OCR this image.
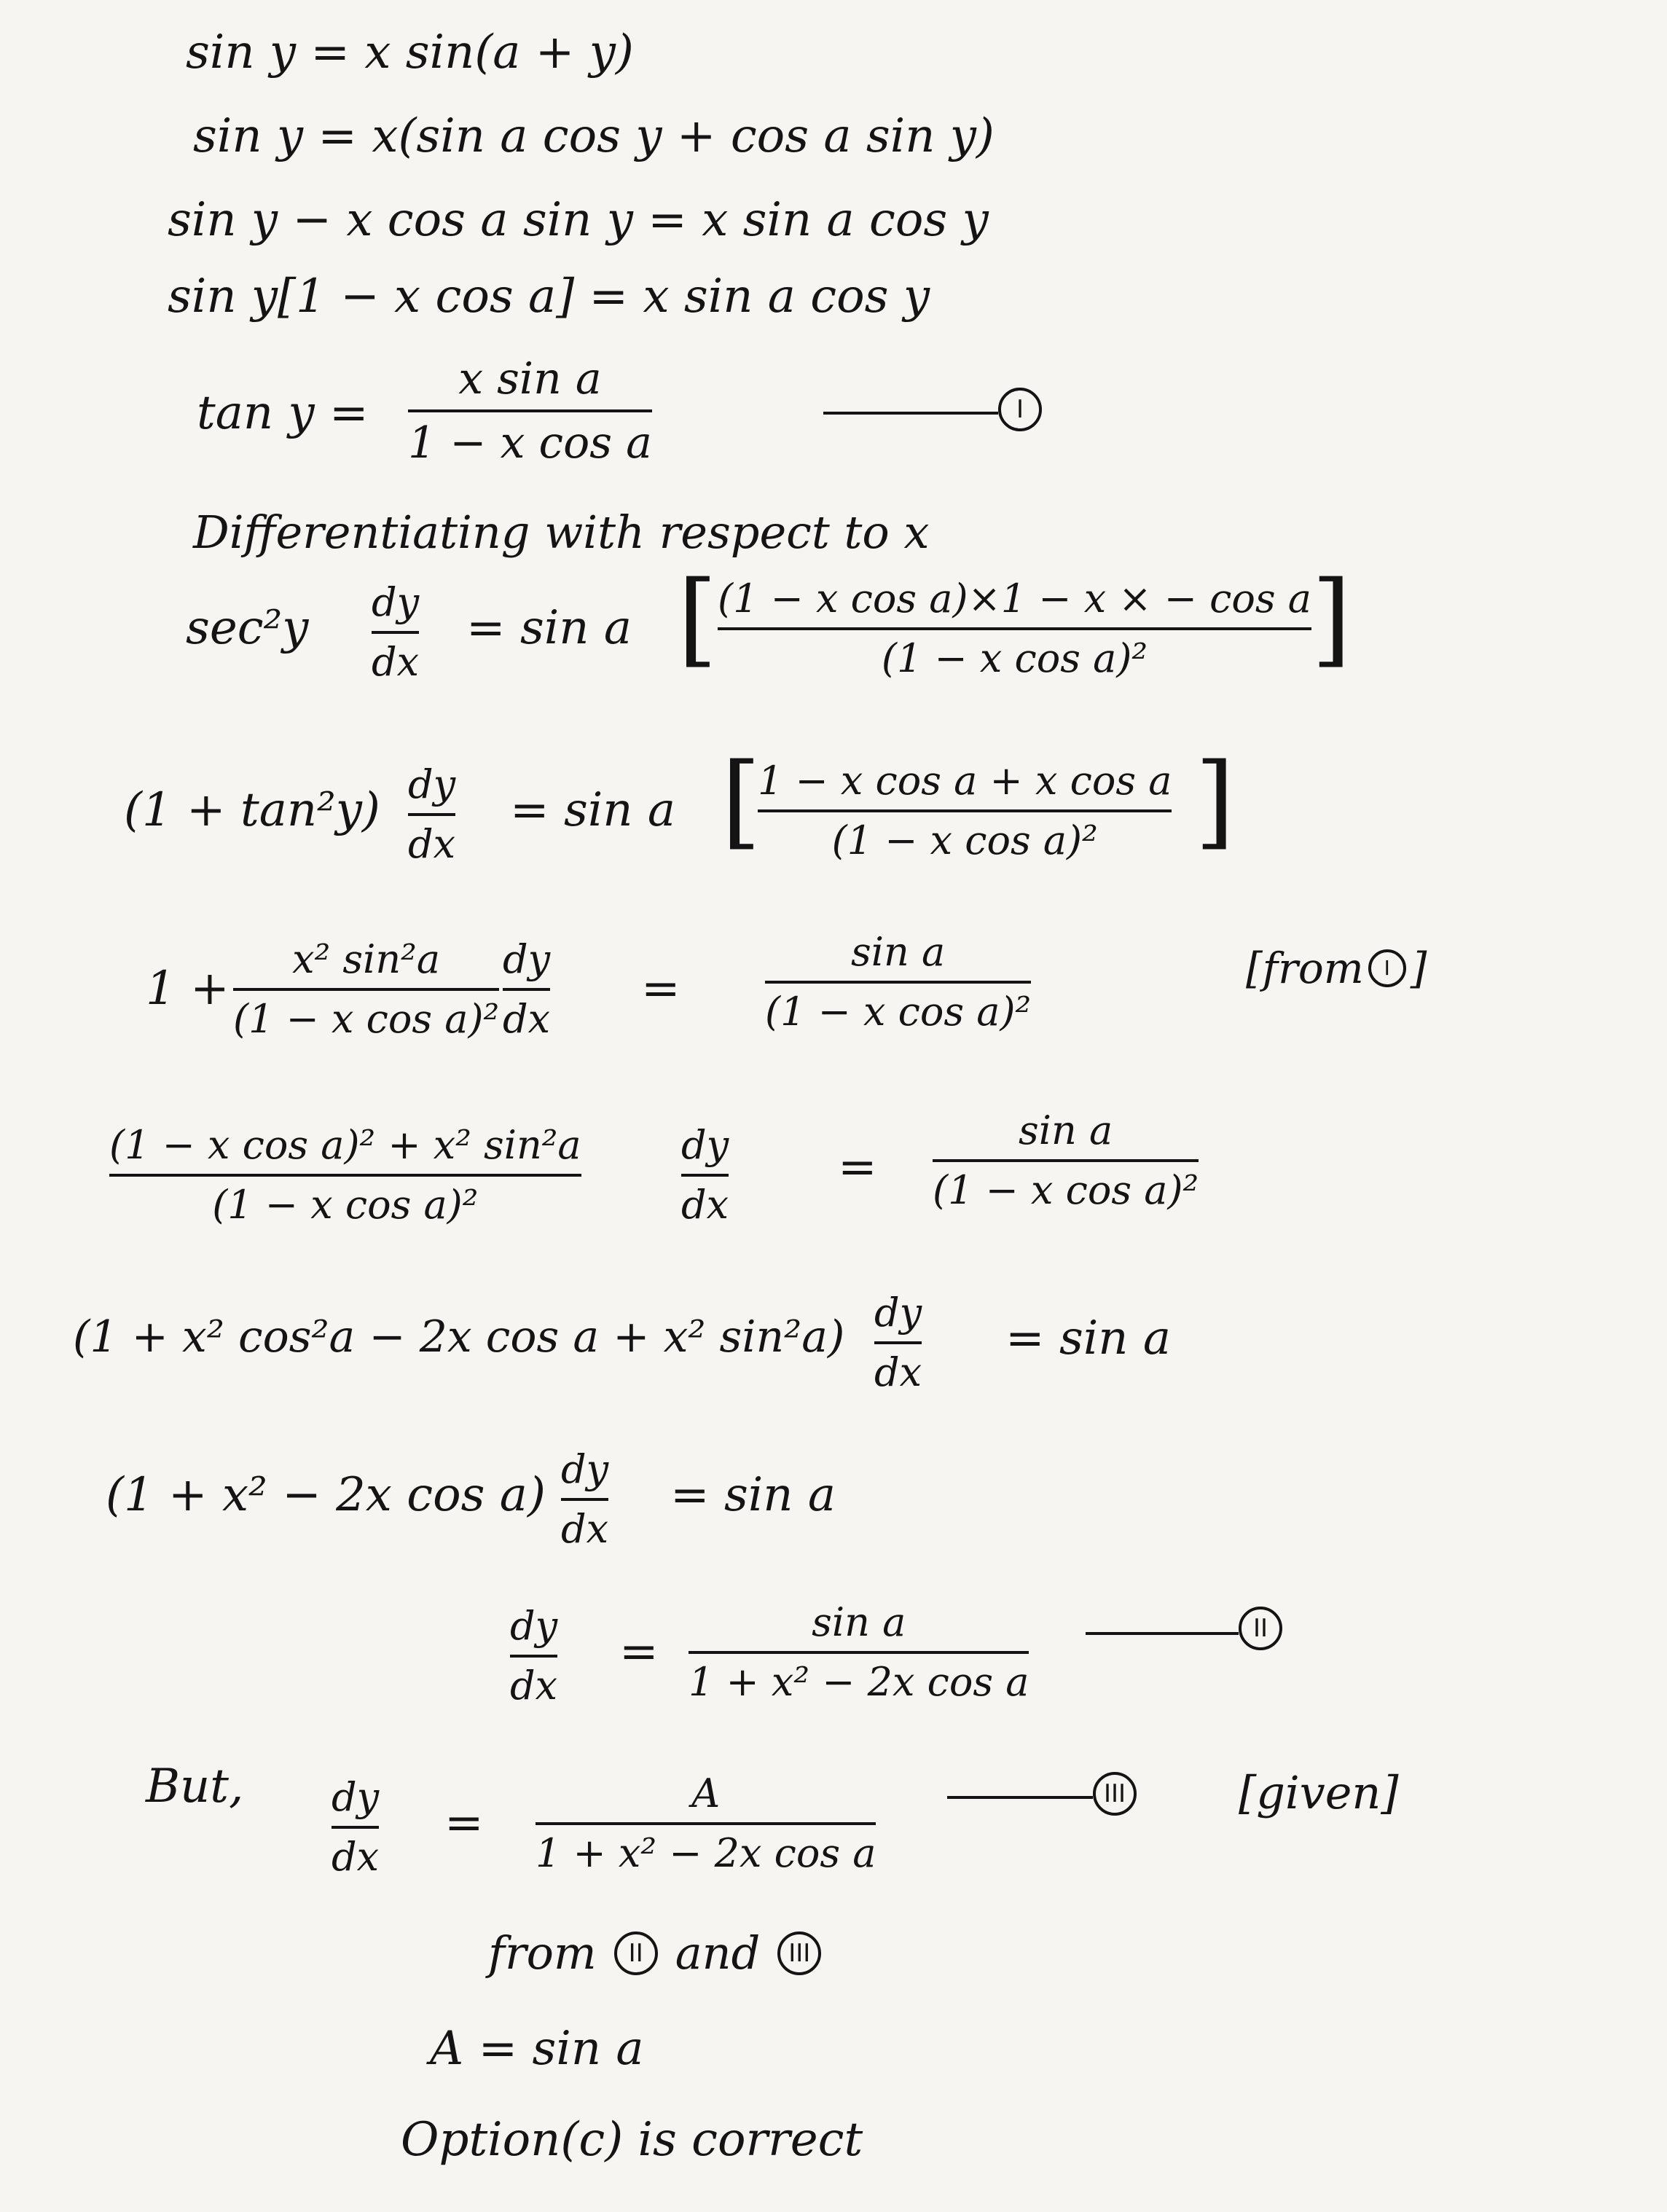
sin y = x sin(a + y)
sin y = x(sin a cos y + cos a sin y)
sin y − x cos a sin y = x sin a cos y
sin y[1 − x cos a] = x sin a cos y
tan y =
x sin a
1 − x cos a
I
Differentiating with respect to x
sec²y dy
dx
= sin a [ (1 − x cos a)×1 − x × − cos a
(1 − x cos a)² ]
(1 + tan²y) dy
dx
= sin a [
1 − x cos a + x cos a
(1 − x cos a)² ]
1 +
x² sin²a
(1 − x cos a)²
dy
dx
=
sin a
(1 − x cos a)²
[from I ]
(1 − x cos a)² + x² sin²a
(1 − x cos a)²
dy
dx
=
sin a
(1 − x cos a)²
(1 + x² cos²a − 2x cos a + x² sin²a) dy
dx
= sin a
(1 + x² − 2x cos a) dy
dx
= sin a
dy
dx
=
sin a
1 + x² − 2x cos a
II
But, dy
dx
=
A
1 + x² − 2x cos a
III [given]
from	II and	III
A = sin a
Option(c) is correct
